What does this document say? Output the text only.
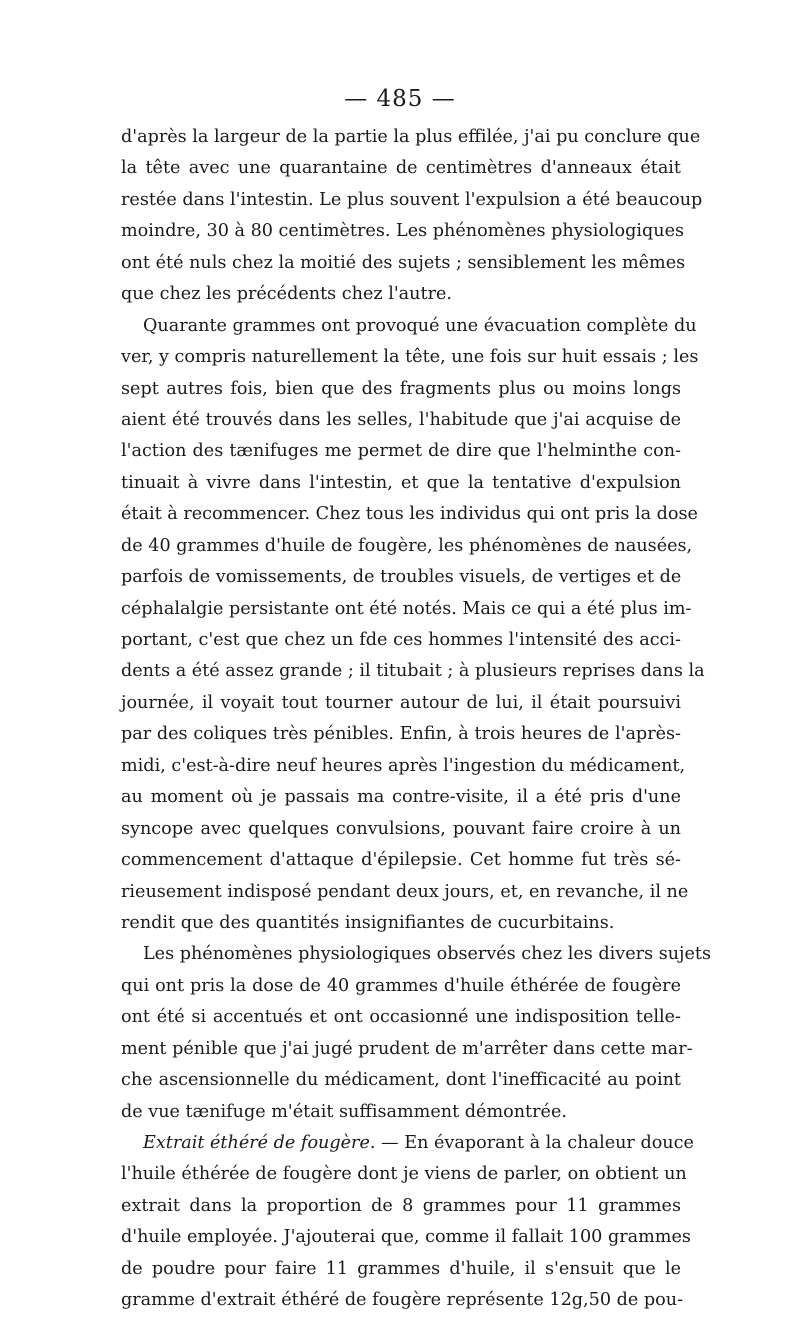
— 485 —
d'après la largeur de la partie la plus effilée, j'ai pu conclure que
la tête avec une quarantaine de centimètres d'anneaux était
restée dans l'intestin. Le plus souvent l'expulsion a été beaucoup
moindre, 30 à 80 centimètres. Les phénomènes physiologiques
ont été nuls chez la moitié des sujets ; sensiblement les mêmes
que chez les précédents chez l'autre.
Quarante grammes ont provoqué une évacuation complète du
ver, y compris naturellement la tête, une fois sur huit essais ; les
sept autres fois, bien que des fragments plus ou moins longs
aient été trouvés dans les selles, l'habitude que j'ai acquise de
l'action des tænifuges me permet de dire que l'helminthe con-
tinuait à vivre dans l'intestin, et que la tentative d'expulsion
était à recommencer. Chez tous les individus qui ont pris la dose
de 40 grammes d'huile de fougère, les phénomènes de nausées,
parfois de vomissements, de troubles visuels, de vertiges et de
céphalalgie persistante ont été notés. Mais ce qui a été plus im-
portant, c'est que chez un fde ces hommes l'intensité des acci-
dents a été assez grande ; il titubait ; à plusieurs reprises dans la
journée, il voyait tout tourner autour de lui, il était poursuivi
par des coliques très pénibles. Enfin, à trois heures de l'après-
midi, c'est-à-dire neuf heures après l'ingestion du médicament,
au moment où je passais ma contre-visite, il a été pris d'une
syncope avec quelques convulsions, pouvant faire croire à un
commencement d'attaque d'épilepsie. Cet homme fut très sé-
rieusement indisposé pendant deux jours, et, en revanche, il ne
rendit que des quantités insignifiantes de cucurbitains.
Les phénomènes physiologiques observés chez les divers sujets
qui ont pris la dose de 40 grammes d'huile éthérée de fougère
ont été si accentués et ont occasionné une indisposition telle-
ment pénible que j'ai jugé prudent de m'arrêter dans cette mar-
che ascensionnelle du médicament, dont l'inefficacité au point
de vue tænifuge m'était suffisamment démontrée.
Extrait éthéré de fougère. — En évaporant à la chaleur douce
l'huile éthérée de fougère dont je viens de parler, on obtient un
extrait dans la proportion de 8 grammes pour 11 grammes
d'huile employée. J'ajouterai que, comme il fallait 100 grammes
de poudre pour faire 11 grammes d'huile, il s'ensuit que le
gramme d'extrait éthéré de fougère représente 12g,50 de pou-
